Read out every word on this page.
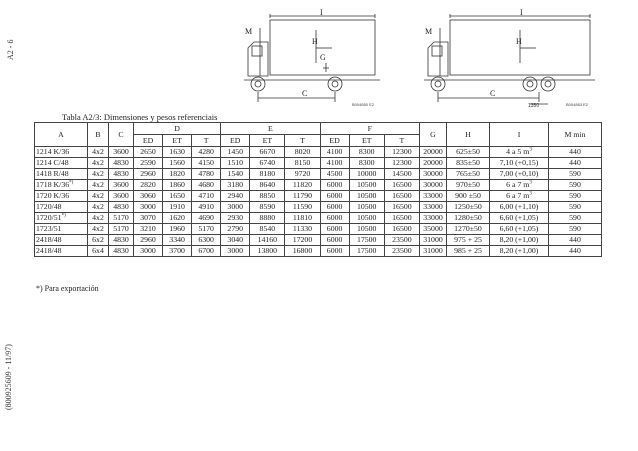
A2 - 6
(800925609 - 11/97)
M
I
H
G
C
B004850 E2
M
I
H
C
1350	B004863 E2
Tabla A2/3: Dimensiones y pesos referenciais
A	B	C	D			E			F			G	H	I	M min
			ED	ET	T	ED	ET	T	ED	ET	T				
1214 K/36	4x2	3600	2650	1630	4280	1450	6670	8020	4100	8300	12300	20000	625±50	4 a 5 $m^3$	440
1214 C/48	4x2	4830	2590	1560	4150	1510	6740	8150	4100	8300	12300	20000	835±50	7,10 (+0,15)	440
1418 R/48	4x2	4830	2960	1820	4780	1540	8180	9720	4500	10000	14500	30000	765±50	7,00 (+0,10)	590
1718 K/36*)	4x2	3600	2820	1860	4680	3180	8640	11820	6000	10500	16500	30000	970±50	6 a 7 $m^3$	590
1720 K/36	4x2	3600	3060	1650	4710	2940	8850	11790	6000	10500	16500	33000	900 ±50	6 a 7 $m^3$	590
1720/48	4x2	4830	3000	1910	4910	3000	8590	11590	6000	10500	16500	33000	1250±50	6,00 (+1,10)	590
1720/51*)	4x2	5170	3070	1620	4690	2930	8880	11810	6000	10500	16500	33000	1280±50	6,60 (+1,05)	590
1723/51	4x2	5170	3210	1960	5170	2790	8540	11330	6000	10500	16500	35000	1270±50	6,60 (+1,05)	590
2418/48	6x2	4830	2960	3340	6300	3040	14160	17200	6000	17500	23500	31000	975 + 25	8,20 (+1,00)	440
2418/48	6x4	4830	3000	3700	6700	3000	13800	16800	6000	17500	23500	31000	985 + 25	8,20 (+1,00)	440
*) Para exportación
